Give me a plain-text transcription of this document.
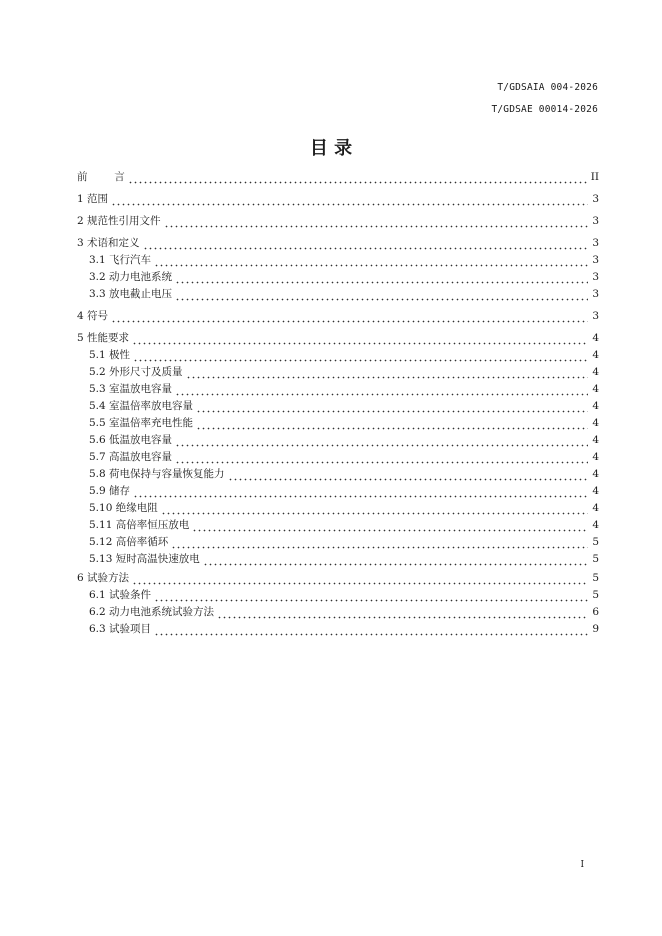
T/GDSAIA 004-2026
T/GDSAE 00014-2026
目 录
前        言	II
1 范围	3
2 规范性引用文件	3
3 术语和定义	3
3.1 飞行汽车	3
3.2 动力电池系统	3
3.3 放电截止电压	3
4 符号	3
5 性能要求	4
5.1 极性	4
5.2 外形尺寸及质量	4
5.3 室温放电容量	4
5.4 室温倍率放电容量	4
5.5 室温倍率充电性能	4
5.6 低温放电容量	4
5.7 高温放电容量	4
5.8 荷电保持与容量恢复能力	4
5.9 储存	4
5.10 绝缘电阻	4
5.11 高倍率恒压放电	4
5.12 高倍率循环	5
5.13 短时高温快速放电	5
6 试验方法	5
6.1 试验条件	5
6.2 动力电池系统试验方法	6
6.3 试验项目	9
I
